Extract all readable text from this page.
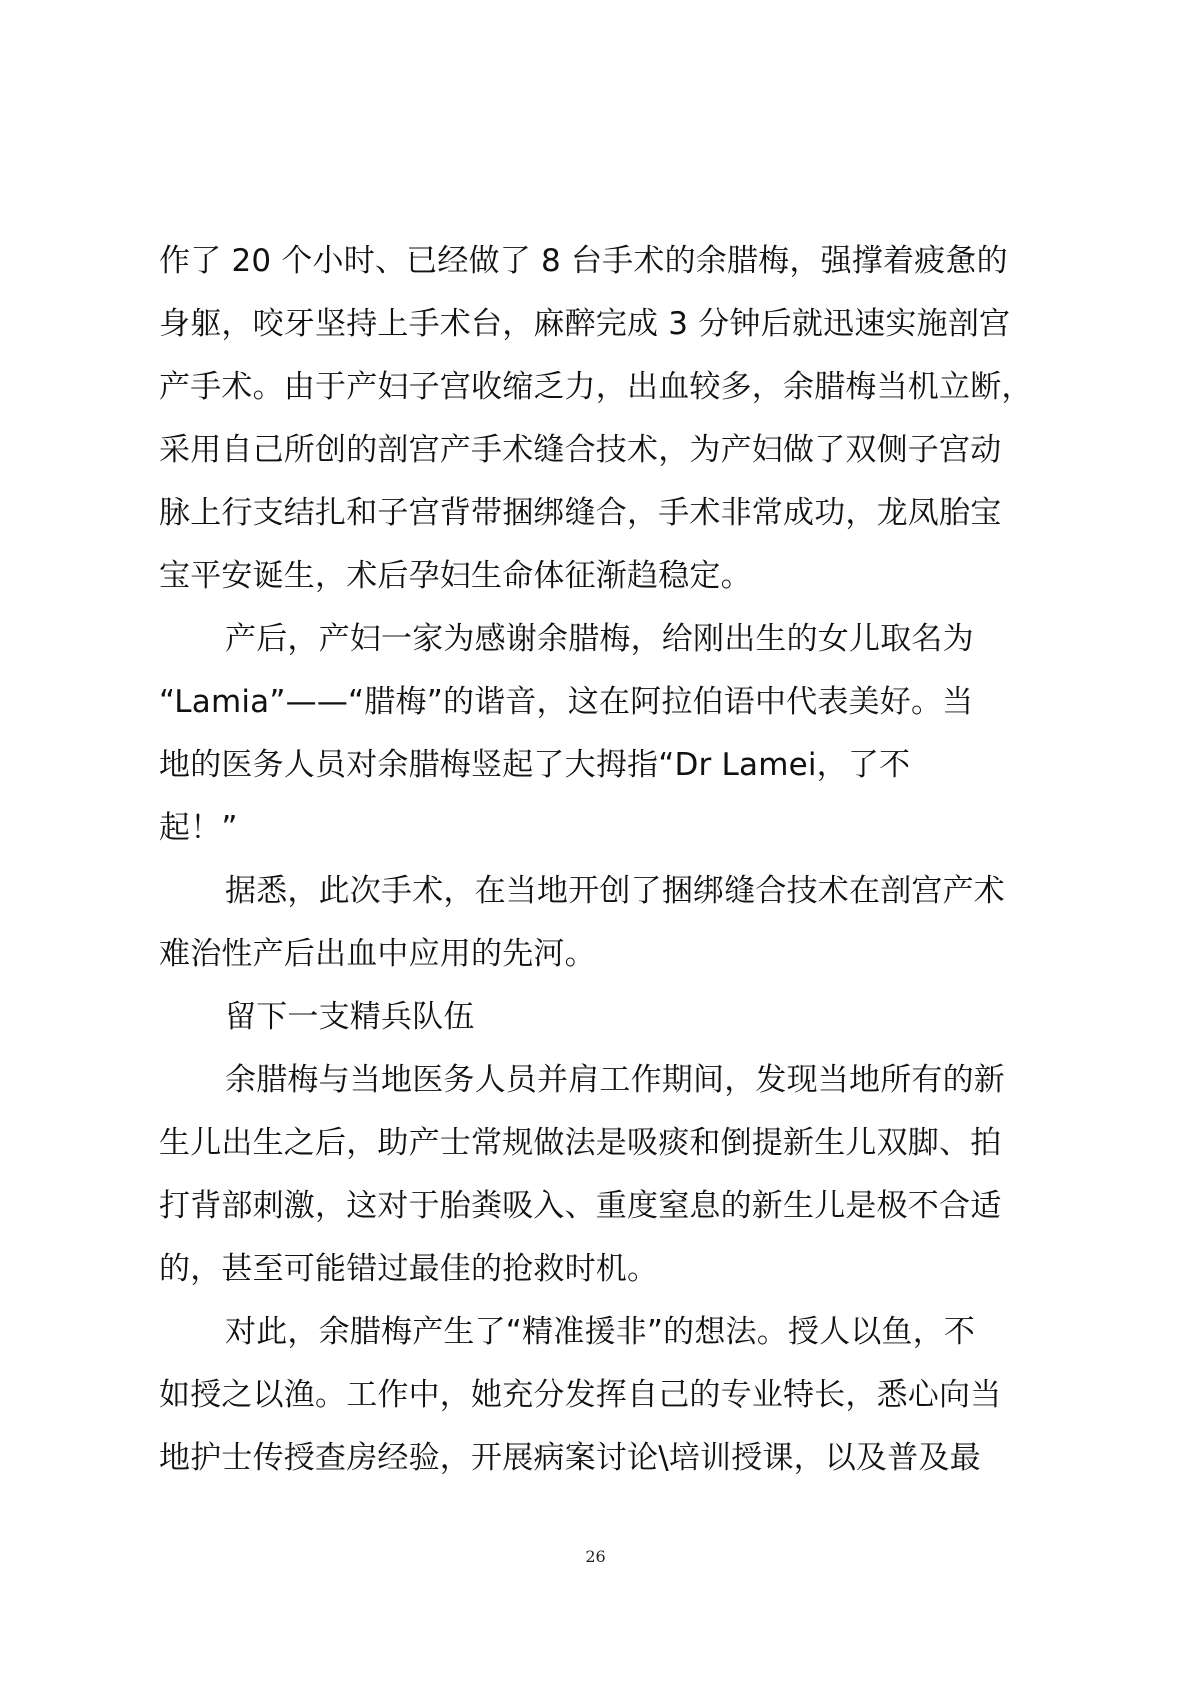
作了 20 个小时、已经做了 8 台手术的余腊梅，强撑着疲惫的
身躯，咬牙坚持上手术台，麻醉完成 3 分钟后就迅速实施剖宫
产手术。由于产妇子宫收缩乏力，出血较多，余腊梅当机立断，
采用自己所创的剖宫产手术缝合技术，为产妇做了双侧子宫动
脉上行支结扎和子宫背带捆绑缝合，手术非常成功，龙凤胎宝
宝平安诞生，术后孕妇生命体征渐趋稳定。
产后，产妇一家为感谢余腊梅，给刚出生的女儿取名为
“Lamia”——“腊梅”的谐音，这在阿拉伯语中代表美好。当
地的医务人员对余腊梅竖起了大拇指“Dr Lamei，了不
起！”
据悉，此次手术，在当地开创了捆绑缝合技术在剖宫产术
难治性产后出血中应用的先河。
留下一支精兵队伍
余腊梅与当地医务人员并肩工作期间，发现当地所有的新
生儿出生之后，助产士常规做法是吸痰和倒提新生儿双脚、拍
打背部刺激，这对于胎粪吸入、重度窒息的新生儿是极不合适
的，甚至可能错过最佳的抢救时机。
对此，余腊梅产生了“精准援非”的想法。授人以鱼，不
如授之以渔。工作中，她充分发挥自己的专业特长，悉心向当
地护士传授查房经验，开展病案讨论\培训授课，以及普及最
26
